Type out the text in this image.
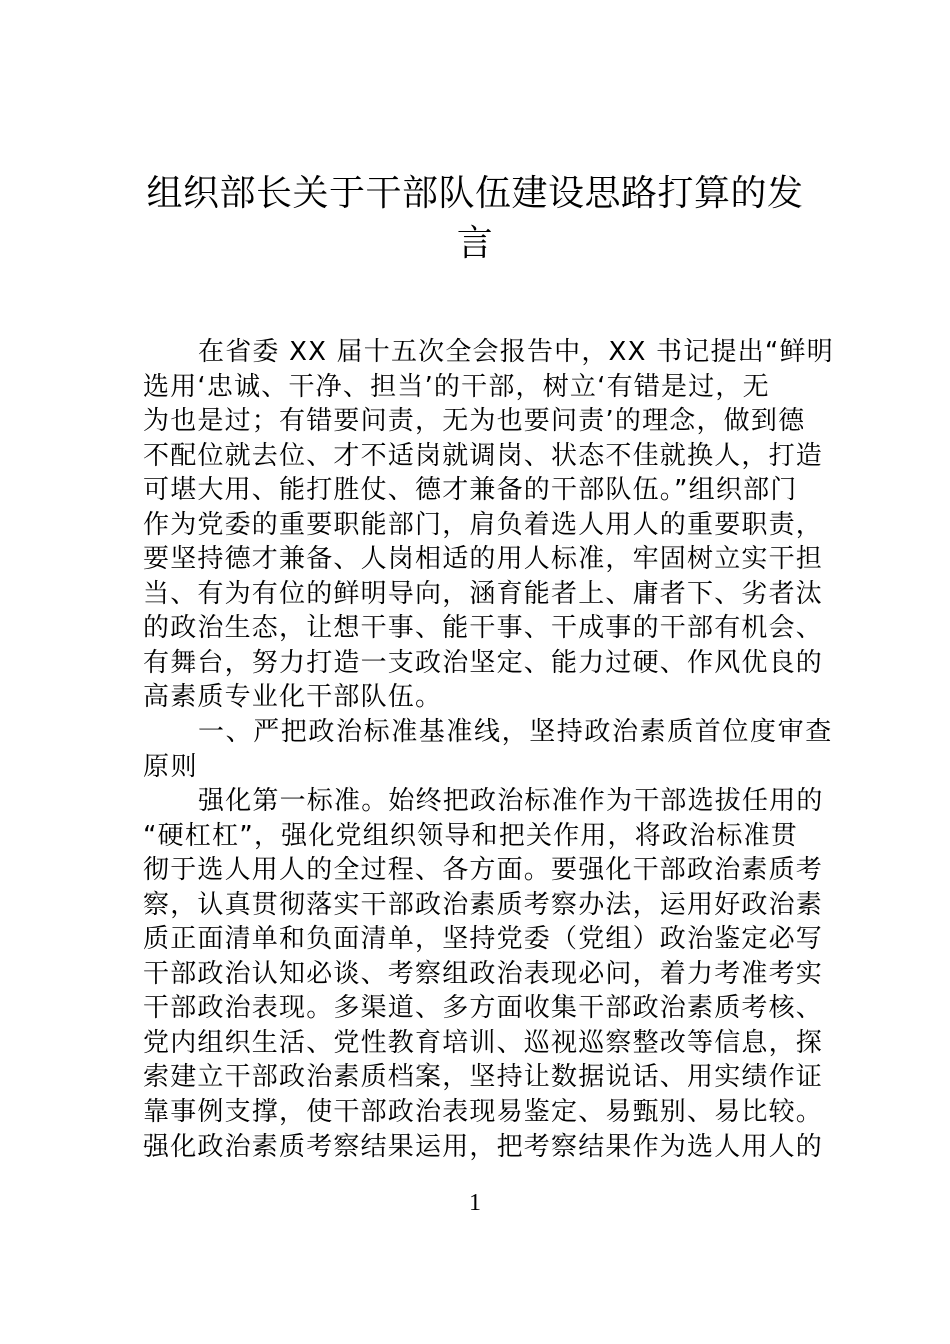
组织部长关于干部队伍建设思路打算的发
言
在省委 XX 届十五次全会报告中，XX 书记提出“鲜明
选用‘忠诚、干净、担当’的干部，树立‘有错是过，无
为也是过；有错要问责，无为也要问责’的理念，做到德
不配位就去位、才不适岗就调岗、状态不佳就换人，打造
可堪大用、能打胜仗、德才兼备的干部队伍。”组织部门
作为党委的重要职能部门，肩负着选人用人的重要职责，
要坚持德才兼备、人岗相适的用人标准，牢固树立实干担
当、有为有位的鲜明导向，涵育能者上、庸者下、劣者汰
的政治生态，让想干事、能干事、干成事的干部有机会、
有舞台，努力打造一支政治坚定、能力过硬、作风优良的
高素质专业化干部队伍。
一、严把政治标准基准线，坚持政治素质首位度审查
原则
强化第一标准。始终把政治标准作为干部选拔任用的
“硬杠杠”，强化党组织领导和把关作用，将政治标准贯
彻于选人用人的全过程、各方面。要强化干部政治素质考
察，认真贯彻落实干部政治素质考察办法，运用好政治素
质正面清单和负面清单，坚持党委（党组）政治鉴定必写
干部政治认知必谈、考察组政治表现必问，着力考准考实
干部政治表现。多渠道、多方面收集干部政治素质考核、
党内组织生活、党性教育培训、巡视巡察整改等信息，探
索建立干部政治素质档案，坚持让数据说话、用实绩作证
靠事例支撑，使干部政治表现易鉴定、易甄别、易比较。
强化政治素质考察结果运用，把考察结果作为选人用人的
1
